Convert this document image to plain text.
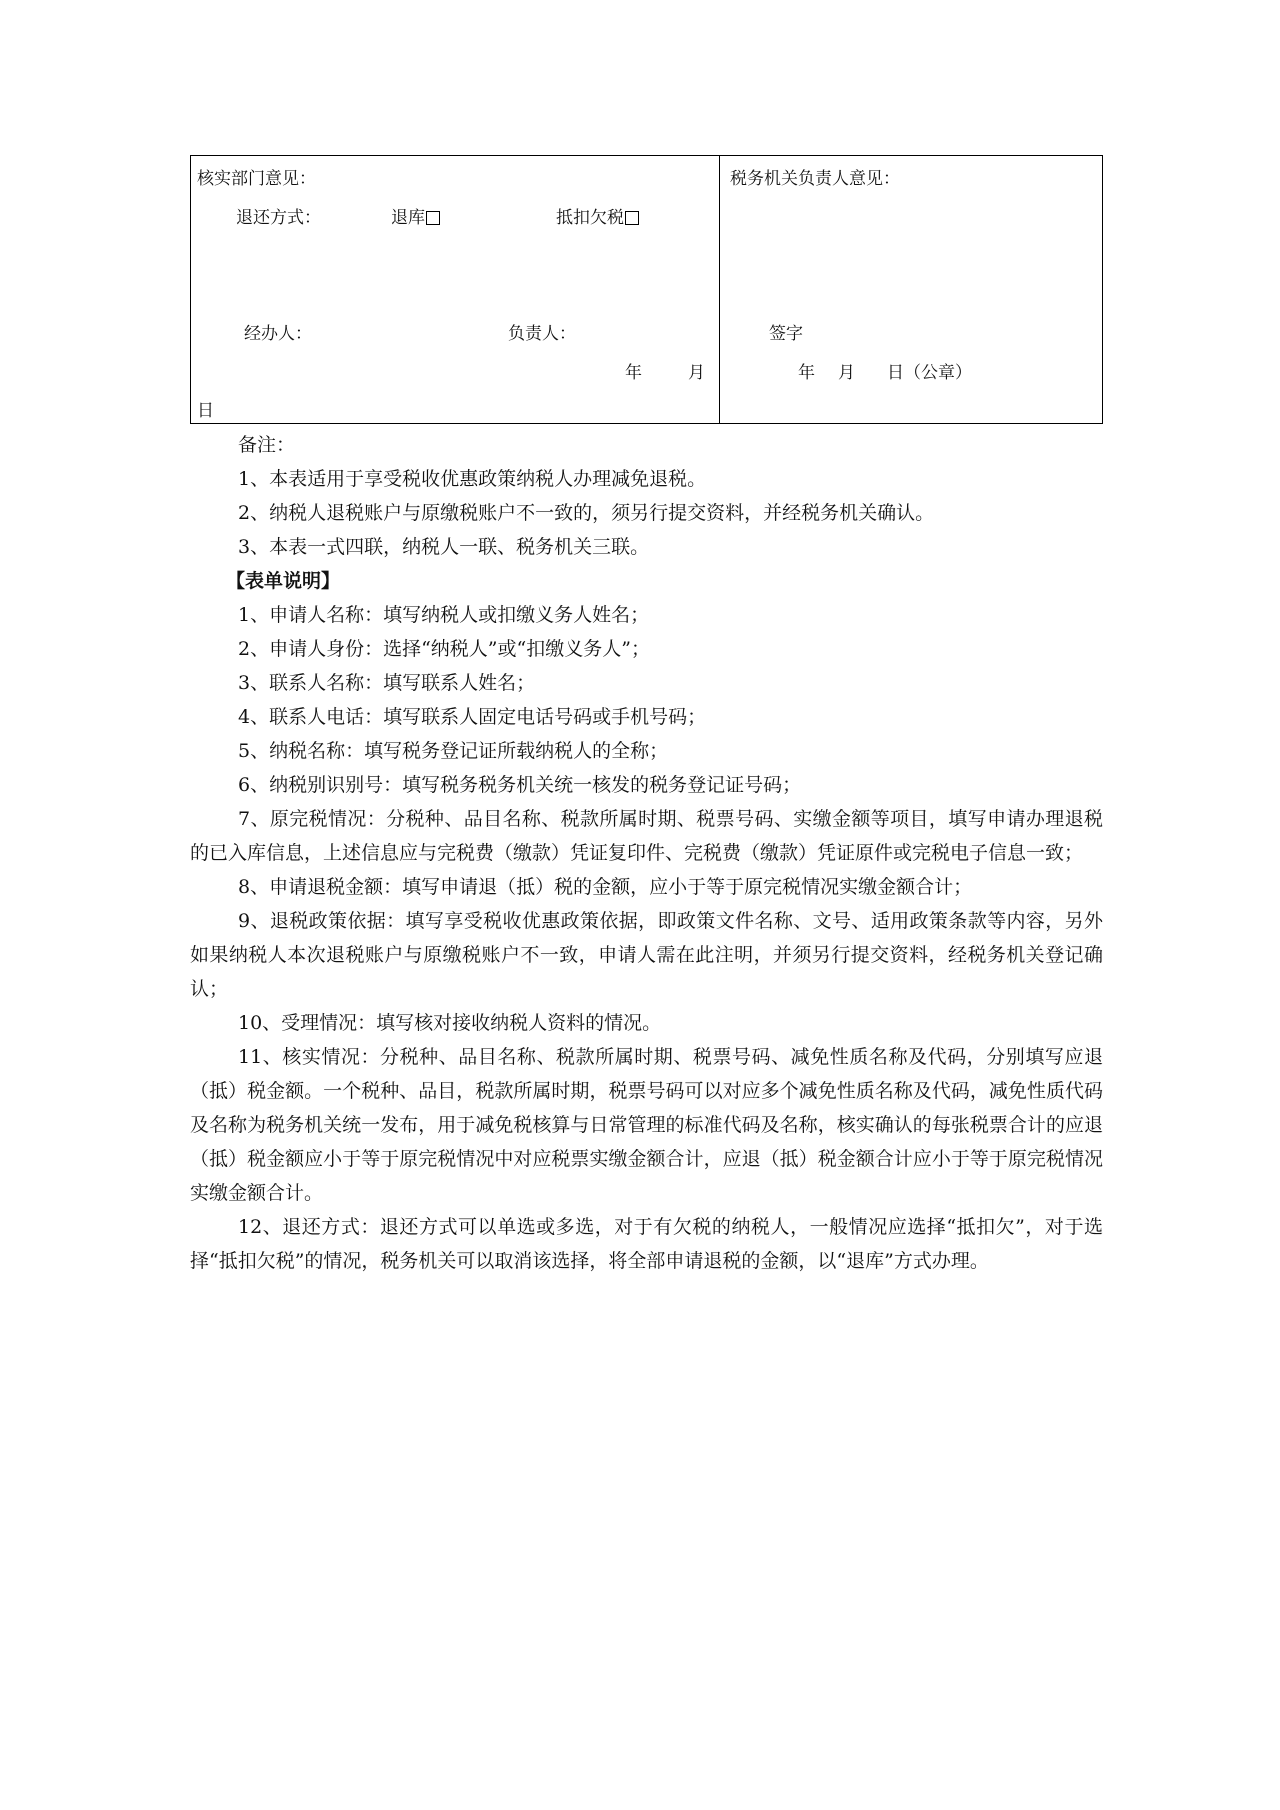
核实部门意见：
退还方式：	退库	抵扣欠税
经办人：	负责人：
年	月
日
税务机关负责人意见：
签字
年 月 日（公章）
备注：
1、本表适用于享受税收优惠政策纳税人办理减免退税。
2、纳税人退税账户与原缴税账户不一致的，须另行提交资料，并经税务机关确认。
3、本表一式四联，纳税人一联、税务机关三联。
【表单说明】
1、申请人名称：填写纳税人或扣缴义务人姓名；
2、申请人身份：选择“纳税人”或“扣缴义务人”；
3、联系人名称：填写联系人姓名；
4、联系人电话：填写联系人固定电话号码或手机号码；
5、纳税名称：填写税务登记证所载纳税人的全称；
6、纳税别识别号：填写税务税务机关统一核发的税务登记证号码；
7、原完税情况：分税种、品目名称、税款所属时期、税票号码、实缴金额等项目，填写申请办理退税的已入库信息，上述信息应与完税费（缴款）凭证复印件、完税费（缴款）凭证原件或完税电子信息一致；
8、申请退税金额：填写申请退（抵）税的金额，应小于等于原完税情况实缴金额合计；
9、退税政策依据：填写享受税收优惠政策依据，即政策文件名称、文号、适用政策条款等内容，另外如果纳税人本次退税账户与原缴税账户不一致，申请人需在此注明，并须另行提交资料，经税务机关登记确认；
10、受理情况：填写核对接收纳税人资料的情况。
11、核实情况：分税种、品目名称、税款所属时期、税票号码、减免性质名称及代码，分别填写应退（抵）税金额。一个税种、品目，税款所属时期，税票号码可以对应多个减免性质名称及代码，减免性质代码及名称为税务机关统一发布，用于减免税核算与日常管理的标准代码及名称，核实确认的每张税票合计的应退（抵）税金额应小于等于原完税情况中对应税票实缴金额合计，应退（抵）税金额合计应小于等于原完税情况实缴金额合计。
12、退还方式：退还方式可以单选或多选，对于有欠税的纳税人，一般情况应选择“抵扣欠”，对于选择“抵扣欠税”的情况，税务机关可以取消该选择，将全部申请退税的金额，以“退库”方式办理。
